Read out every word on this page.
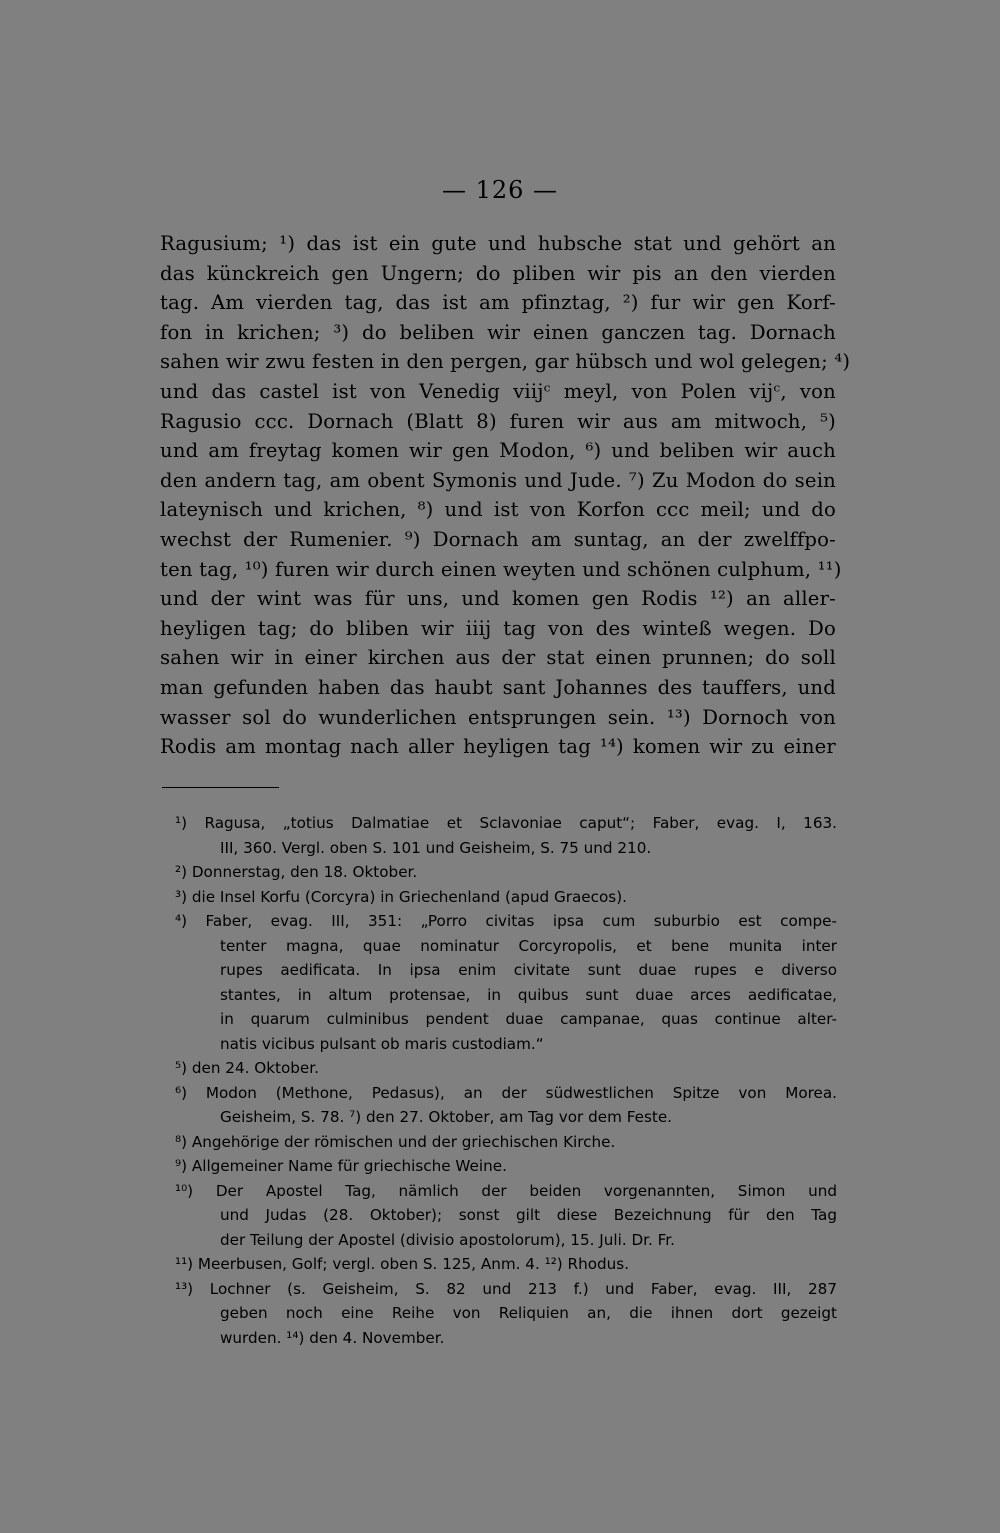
— 126 —
Ragusium; ¹) das ist ein gute und hubsche stat und gehört an
das künckreich gen Ungern; do pliben wir pis an den vierden
tag. Am vierden tag, das ist am pfinztag, ²) fur wir gen Korf-
fon in krichen; ³) do beliben wir einen ganczen tag. Dornach
sahen wir zwu festen in den pergen, gar hübsch und wol gelegen; ⁴)
und das castel ist von Venedig viijᶜ meyl, von Polen vijᶜ, von
Ragusio ccc. Dornach (Blatt 8) furen wir aus am mitwoch, ⁵)
und am freytag komen wir gen Modon, ⁶) und beliben wir auch
den andern tag, am obent Symonis und Jude. ⁷) Zu Modon do sein
lateynisch und krichen, ⁸) und ist von Korfon ccc meil; und do
wechst der Rumenier. ⁹) Dornach am suntag, an der zwelffpo-
ten tag, ¹⁰) furen wir durch einen weyten und schönen culphum, ¹¹)
und der wint was für uns, und komen gen Rodis ¹²) an aller-
heyligen tag; do bliben wir iiij tag von des winteß wegen. Do
sahen wir in einer kirchen aus der stat einen prunnen; do soll
man gefunden haben das haubt sant Johannes des tauffers, und
wasser sol do wunderlichen entsprungen sein. ¹³) Dornoch von
Rodis am montag nach aller heyligen tag ¹⁴) komen wir zu einer
¹) Ragusa, „totius Dalmatiae et Sclavoniae caput“; Faber, evag. I, 163.
III, 360. Vergl. oben S. 101 und Geisheim, S. 75 und 210.
²) Donnerstag, den 18. Oktober.
³) die Insel Korfu (Corcyra) in Griechenland (apud Graecos).
⁴) Faber, evag. III, 351: „Porro civitas ipsa cum suburbio est compe-
tenter magna, quae nominatur Corcyropolis, et bene munita inter
rupes aedificata. In ipsa enim civitate sunt duae rupes e diverso
stantes, in altum protensae, in quibus sunt duae arces aedificatae,
in quarum culminibus pendent duae campanae, quas continue alter-
natis vicibus pulsant ob maris custodiam.“
⁵) den 24. Oktober.
⁶) Modon (Methone, Pedasus), an der südwestlichen Spitze von Morea.
Geisheim, S. 78. ⁷) den 27. Oktober, am Tag vor dem Feste.
⁸) Angehörige der römischen und der griechischen Kirche.
⁹) Allgemeiner Name für griechische Weine.
¹⁰) Der Apostel Tag, nämlich der beiden vorgenannten, Simon und
und Judas (28. Oktober); sonst gilt diese Bezeichnung für den Tag
der Teilung der Apostel (divisio apostolorum), 15. Juli. Dr. Fr.
¹¹) Meerbusen, Golf; vergl. oben S. 125, Anm. 4. ¹²) Rhodus.
¹³) Lochner (s. Geisheim, S. 82 und 213 f.) und Faber, evag. III, 287
geben noch eine Reihe von Reliquien an, die ihnen dort gezeigt
wurden. ¹⁴) den 4. November.
